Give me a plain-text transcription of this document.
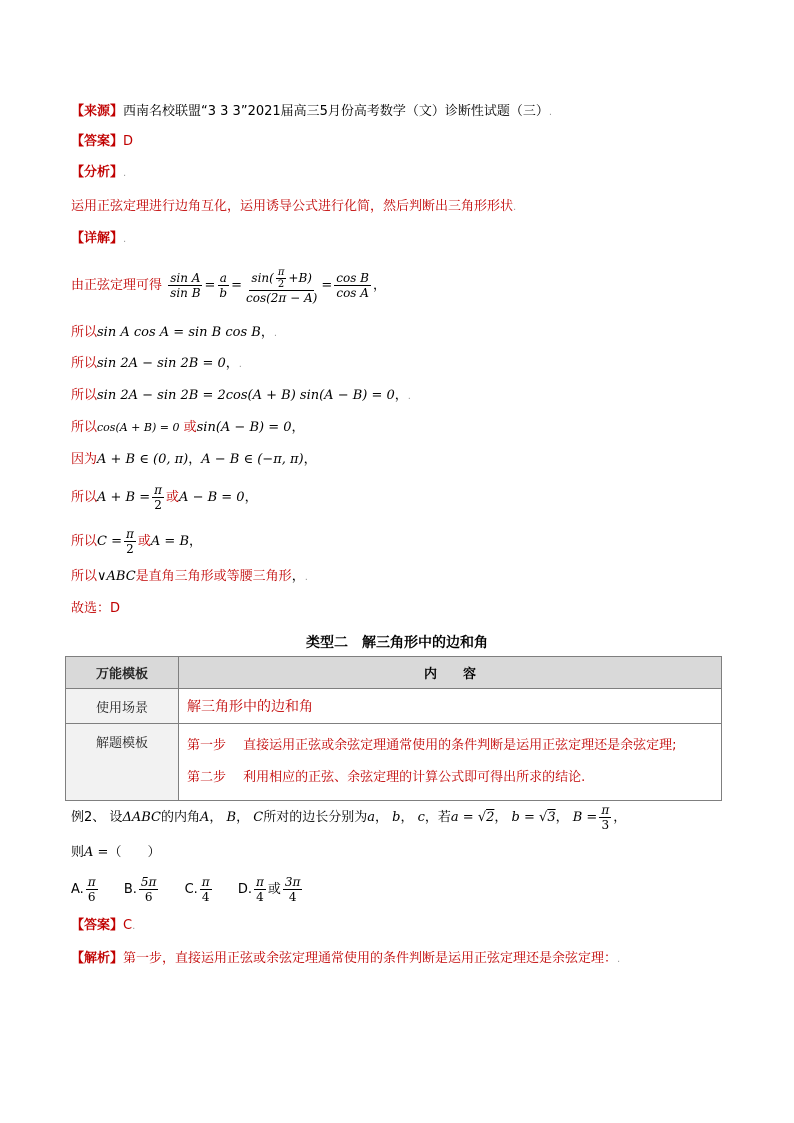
【来源】西南名校联盟“3 3 3”2021届高三5月份高考数学（文）诊断性试题（三）.
【答案】D
【分析】.
运用正弦定理进行边角互化，运用诱导公式进行化简，然后判断出三角形形状.
【详解】.
由正弦定理可得 $\frac{\text{sin A}}{\text{sin B}} = \frac{a}{b} = \frac{\sin( \frac{\pi}{2} +B)}{\cos(2\pi - A)} = \frac{\text{cos B}}{\text{cos A}}$ ，
所以sin A cos A = sin B cos B，.
所以sin 2A − sin 2B = 0，.
所以sin 2A − sin 2B = 2cos(A + B) sin(A − B) = 0，.
所以cos(A + B) = 0 或sin(A − B) = 0，
因为A + B ∈ (0, π)，A − B ∈ (−π, π)，
所以$A + B = \frac{\pi}{2}$ 或A − B = 0，
所以$C = \frac{\pi}{2}$ 或A = B，
所以∨ABC是直角三角形或等腰三角形，.
故选：D
类型二　解三角形中的边和角
万能模板	内　　容
使用场景	解三角形中的边和角
解题模板	第一步　 直接运用正弦或余弦定理通常使用的条件判断是运用正弦定理还是余弦定理;
第二步　 利用相应的正弦、余弦定理的计算公式即可得出所求的结论.
例2、 设ΔABC的内角A， B， C所对的边长分别为a， b， c，若a = √2， b = √3， $B = \frac{\pi}{3}$ ，
则A =（　　）
A. $\frac{\pi}{6} B$. $\frac{5\pi}{6} C$. $\frac{\pi}{4} D$. $\frac{\pi}{4}$ 或 $\frac{3\pi}{4}$
【答案】C.
【解析】第一步，直接运用正弦或余弦定理通常使用的条件判断是运用正弦定理还是余弦定理：.
